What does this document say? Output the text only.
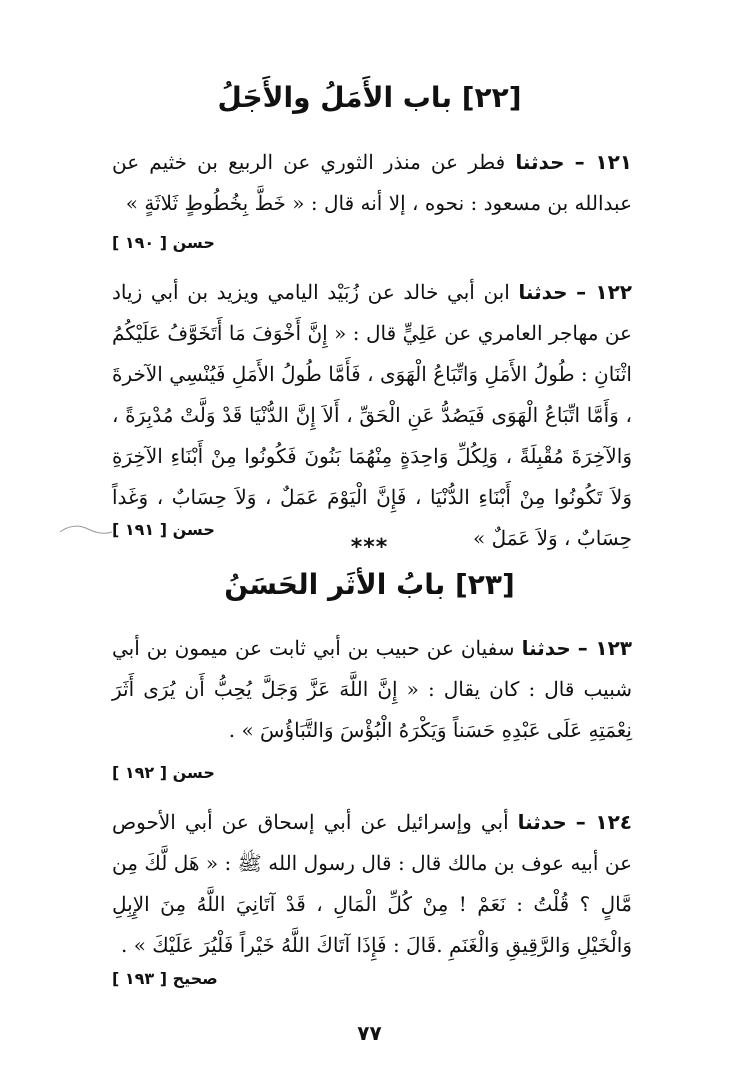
[٢٢] باب الأَمَلُ والأَجَلُ

١٢١ – حدثنا فطر عن منذر الثوري عن الربيع بن خثيم عن عبدالله بن مسعود : نحوه ، إلا أنه قال : « خَطَّ بِخُطُوطٍ ثَلاثَةٍ »

حسن [ ١٩٠ ]

١٢٢ – حدثنا ابن أبي خالد عن زُبَيْد اليامي ويزيد بن أبي زياد عن مهاجر العامري عن عَلِيٍّ قال : « إِنَّ أَخْوَفَ مَا أَتَخَوَّفُ عَلَيْكُمُ اثْنَانِ : طُولُ الأَمَلِ وَاتِّبَاعُ الْهَوَى ، فَأَمَّا طُولُ الأَمَلِ فَيُنْسِي الآخرةَ ، وَأَمَّا اتِّبَاعُ الْهَوَى فَيَصُدُّ عَنِ الْحَقِّ ، أَلاَ إِنَّ الدُّنْيَا قَدْ وَلَّتْ مُدْبِرَةً ، وَالآخِرَةَ مُقْبِلَةً ، وَلِكُلِّ وَاحِدَةٍ مِنْهُمَا بَنُونَ فَكُونُوا مِنْ أَبْنَاءِ الآخِرَةِ وَلاَ تَكُونُوا مِنْ أَبْنَاءِ الدُّنْيَا ، فَإِنَّ الْيَوْمَ عَمَلٌ ، وَلاَ حِسَابٌ ، وَغَداً حِسَابٌ ، وَلاَ عَمَلٌ »

حسن [ ١٩١ ]
***
[٢٣] بابُ الأثَر الحَسَنُ

١٢٣ – حدثنا سفيان عن حبيب بن أبي ثابت عن ميمون بن أبي شبيب قال : كان يقال : « إِنَّ اللَّهَ عَزَّ وَجَلَّ يُحِبُّ أَن يُرَى أَثَرَ نِعْمَتِهِ عَلَى عَبْدِهِ حَسَناً وَيَكْرَهُ الْبُؤْسَ وَالتَّبَاؤُسَ » .

حسن [ ١٩٢ ]

١٢٤ – حدثنا أبي وإسرائيل عن أبي إسحاق عن أبي الأحوص عن أبيه عوف بن مالك قال : قال رسول الله ﷺ : « هَل لَّكَ مِن مَّالٍ ؟ قُلْتُ : نَعَمْ ! مِنْ كُلِّ الْمَالِ ، قَدْ آتَانِيَ اللَّهُ مِنَ الإِبِلِ وَالْخَيْلِ وَالرَّقِيقِ وَالْغَنَمِ .قَالَ : فَإِذَا آتَاكَ اللَّهُ خَيْراً فَلْيُرَ عَلَيْكَ » .

صحيح [ ١٩٣ ]
٧٧
